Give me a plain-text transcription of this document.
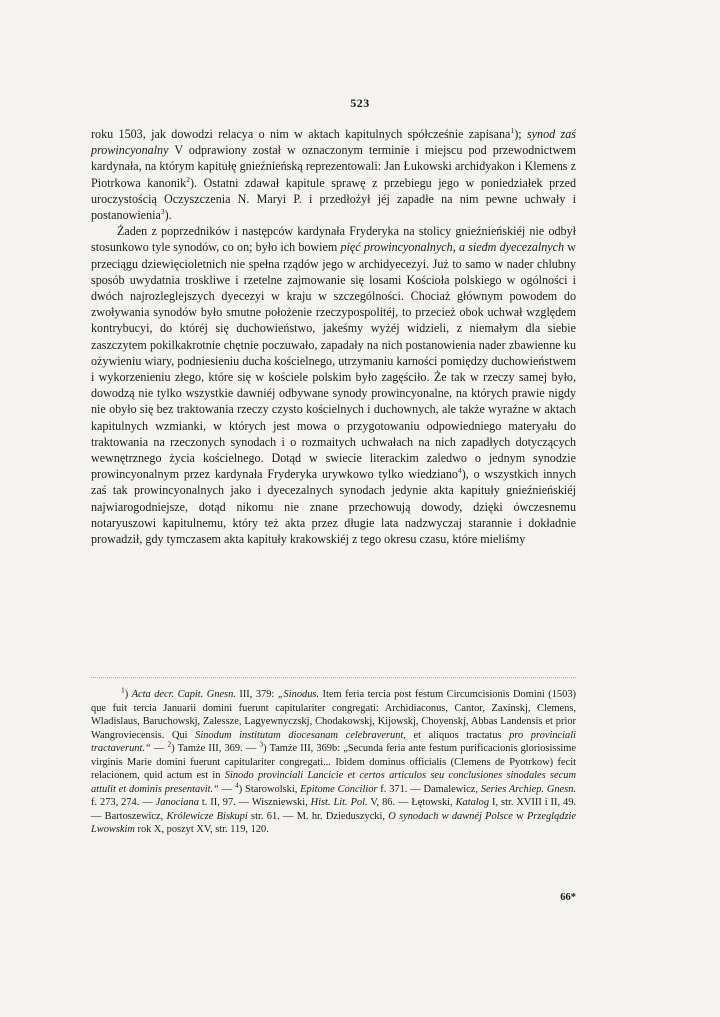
523

roku 1503, jak dowodzi relacya o nim w aktach kapitulnych spółcześnie zapisana$^1$); synod zaś prowincyonalny V odprawiony został w oznaczonym terminie i miejscu pod przewodnictwem kardynała, na którym kapitułę gnieźnieńską reprezentowali: Jan Łukowski archidyakon i Klemens z Piotrkowa kanonik$^2$). Ostatni zdawał kapitule sprawę z przebiegu jego w poniedziałek przed uroczystością Oczyszczenia N. Maryi P. i przedłożył jéj zapadłe na nim pewne uchwały i postanowienia$^3$).

Żaden z poprzedników i następców kardynała Fryderyka na stolicy gnieźnieńskiéj nie odbył stosunkowo tyle synodów, co on; było ich bowiem pięć prowincyonalnych, a siedm dyecezalnych w przeciągu dziewięcioletnich nie spełna rządów jego w archidyecezyi. Już to samo w nader chlubny sposób uwydatnia troskliwe i rzetelne zajmowanie się losami Kościoła polskiego w ogólności i dwóch najrozleglejszych dyecezyi w kraju w szczególności. Chociaż głównym powodem do zwoływania synodów było smutne położenie rzeczypospolitéj, to przecież obok uchwał względem kontrybucyi, do któréj się duchowieństwo, jakeśmy wyżéj widzieli, z niemałym dla siebie zaszczytem pokilkakrotnie chętnie poczuwało, zapadały na nich postanowienia nader zbawienne ku ożywieniu wiary, podniesieniu ducha kościelnego, utrzymaniu karności pomiędzy duchowieństwem i wykorzenieniu złego, które się w kościele polskim było zagęściło. Że tak w rzeczy samej było, dowodzą nie tylko wszystkie dawniéj odbywane synody prowincyonalne, na których prawie nigdy nie obyło się bez traktowania rzeczy czysto kościelnych i duchownych, ale także wyraźne w aktach kapitulnych wzmianki, w których jest mowa o przygotowaniu odpowiedniego materyału do traktowania na rzeczonych synodach i o rozmaitych uchwałach na nich zapadłych dotyczących wewnętrznego życia kościelnego. Dotąd w swiecie literackim zaledwo o jednym synodzie prowincyonalnym przez kardynała Fryderyka urywkowo tylko wiedziano$^4$), o wszystkich innych zaś tak prowincyonalnych jako i dyecezalnych synodach jedynie akta kapituły gnieźnieńskiéj najwiarogodniejsze, dotąd nikomu nie znane przechowują dowody, dzięki ówczesnemu notaryuszowi kapitulnemu, który też akta przez długie lata nadzwyczaj starannie i dokładnie prowadził, gdy tymczasem akta kapituły krakowskiéj z tego okresu czasu, które mieliśmy

$^1$) Acta decr. Capit. Gnesn. III, 379: „Sinodus. Item feria tercia post festum Circumcisionis Domini (1503) que fuit tercia Januarii domini fuerunt capitulariter congregati: Archidiaconus, Cantor, Zaxinskj, Clemens, Wladislaus, Baruchowskj, Zalessze, Lagyewnyczskj, Chodakowskj, Kijowskj, Choyenskj, Abbas Landensis et prior Wangroviecensis. Qui Sinodum institutam diocesanam celebraverunt, et aliquos tractatus pro provinciali tractaverunt.“ — $^2$) Tamże III, 369. — $^3$) Tamże III, 369b: „Secunda feria ante festum purificacionis gloriosissime virginis Marie domini fuerunt capitulariter congregati... Ibidem dominus officialis (Clemens de Pyotrkow) fecit relacionem, quid actum est in Sinodo provinciali Lanciciе et certos articulos seu conclusiones sinodales secum attulit et dominis presentavit.“ — $^4$) Starowolski, Epitome Concilior f. 371. — Damalewicz, Series Archiep. Gnesn. f. 273, 274. — Janociana t. II, 97. — Wiszniewski, Hist. Lit. Pol. V, 86. — Łętowski, Katalog I, str. XVIII i II, 49. — Bartoszewicz, Królewicze Biskupi str. 61. — M. hr. Dzieduszycki, O synodach w dawnéj Polsce w Przeglądzie Lwowskim rok X, poszyt XV, str. 119, 120.

66*
